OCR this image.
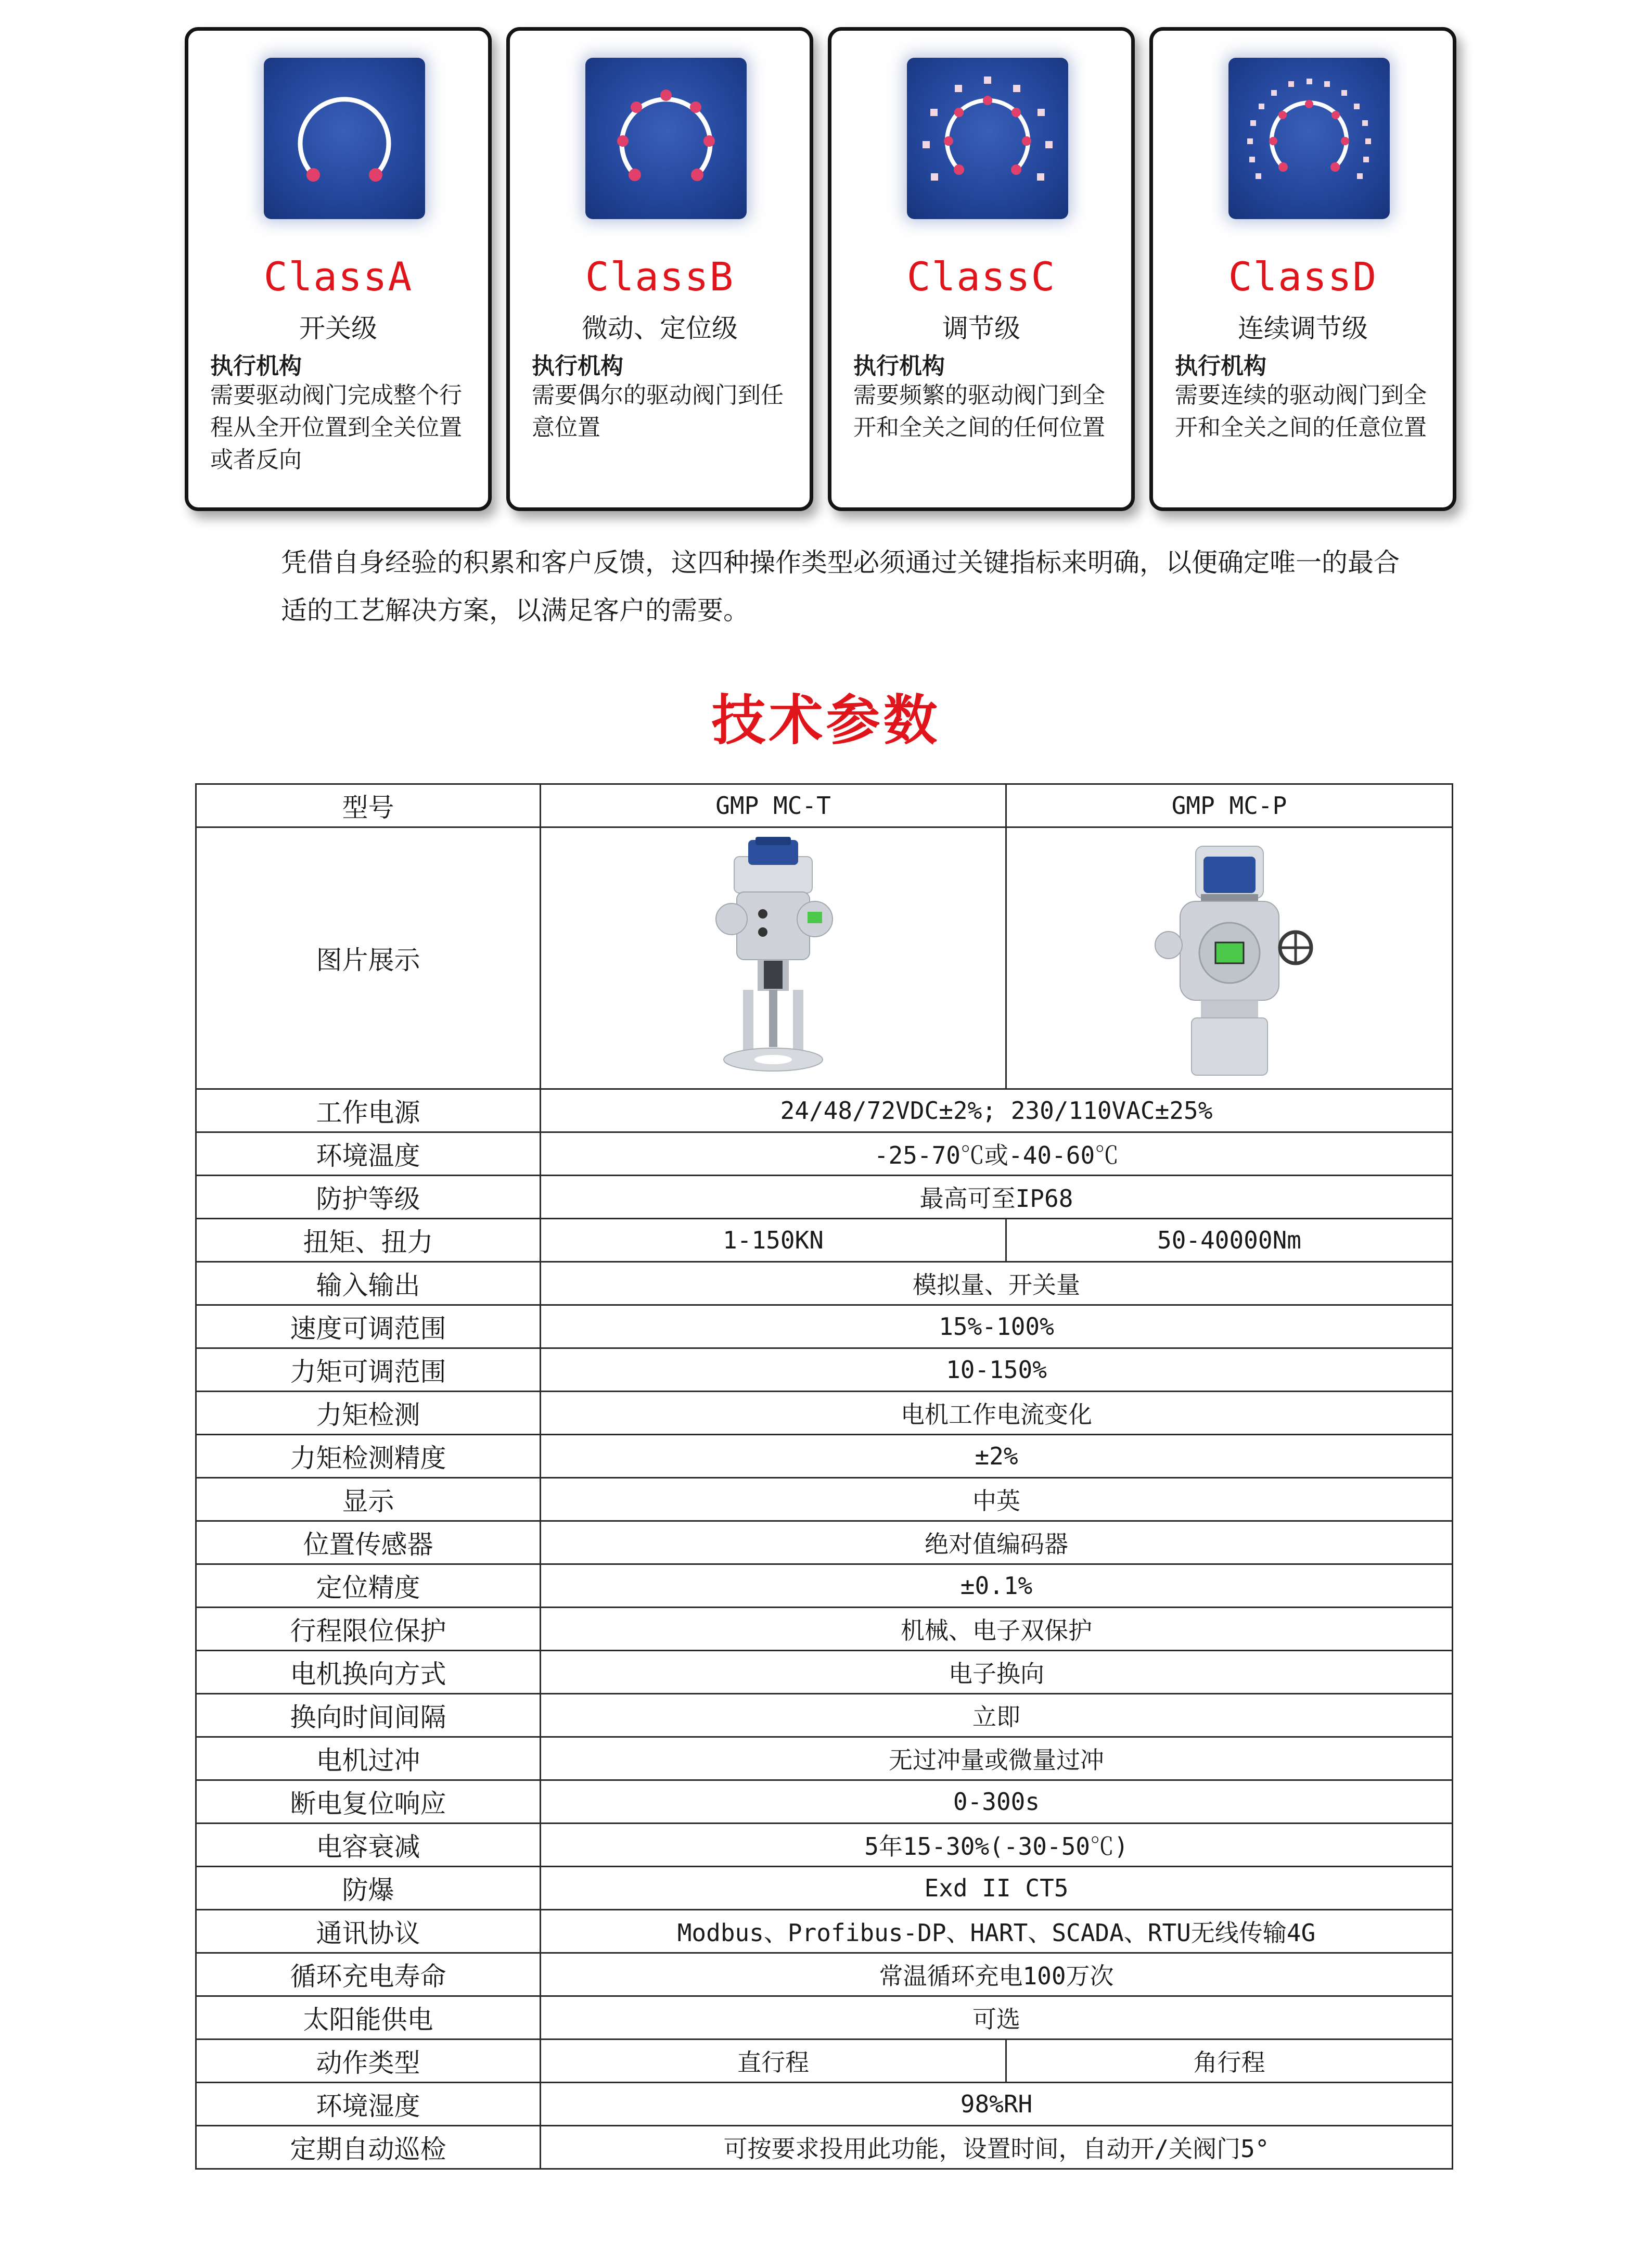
ClassA
开关级
执行机构
需要驱动阀门完成整个行程从全开位置到全关位置或者反向
ClassB
微动、定位级
执行机构
需要偶尔的驱动阀门到任意位置
ClassC
调节级
执行机构
需要频繁的驱动阀门到全开和全关之间的任何位置
ClassD
连续调节级
执行机构
需要连续的驱动阀门到全开和全关之间的任意位置

凭借自身经验的积累和客户反馈，这四种操作类型必须通过关键指标来明确，以便确定唯一的最合适的工艺解决方案，以满足客户的需要。

技术参数
型号	GMP MC-T	GMP MC-P
图片展示	

工作电源	24/48/72VDC±2%; 230/110VAC±25%	
环境温度	-25-70℃或-40-60℃	
防护等级	最高可至IP68	
扭矩、扭力	1-150KN	50-40000Nm
输入输出	模拟量、开关量	
速度可调范围	15%-100%	
力矩可调范围	10-150%	
力矩检测	电机工作电流变化	
力矩检测精度	±2%	
显示	中英	
位置传感器	绝对值编码器	
定位精度	±0.1%	
行程限位保护	机械、电子双保护	
电机换向方式	电子换向	
换向时间间隔	立即	
电机过冲	无过冲量或微量过冲	
断电复位响应	0-300s	
电容衰减	5年15-30%(-30-50℃)	
防爆	Exd II CT5	
通讯协议	Modbus、Profibus-DP、HART、SCADA、RTU无线传输4G	
循环充电寿命	常温循环充电100万次	
太阳能供电	可选	
动作类型	直行程	角行程
环境湿度	98%RH	
定期自动巡检	可按要求投用此功能，设置时间，自动开/关阀门5°	
